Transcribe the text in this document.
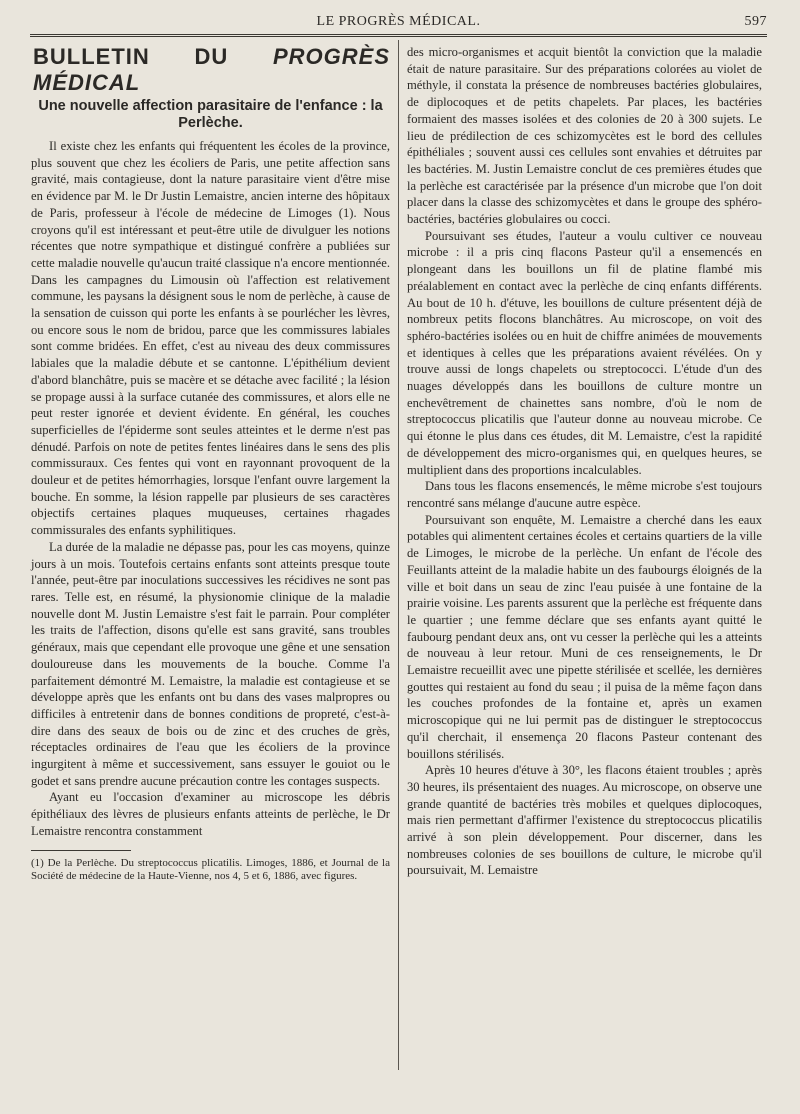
LE PROGRÈS MÉDICAL.	597
BULLETIN DU PROGRÈS MÉDICAL
Une nouvelle affection parasitaire de l'enfance : la Perlèche.

Il existe chez les enfants qui fréquentent les écoles de la province, plus souvent que chez les écoliers de Paris, une petite affection sans gravité, mais contagieuse, dont la nature parasitaire vient d'être mise en évidence par M. le Dr Justin Lemaistre, ancien interne des hôpitaux de Paris, professeur à l'école de médecine de Limoges (1). Nous croyons qu'il est intéressant et peut-être utile de divulguer les notions récentes que notre sympathique et distingué confrère a publiées sur cette maladie nouvelle qu'aucun traité classique n'a encore mentionnée. Dans les campagnes du Limousin où l'affection est relativement commune, les paysans la désignent sous le nom de perlèche, à cause de la sensation de cuisson qui porte les enfants à se pourlécher les lèvres, ou encore sous le nom de bridou, parce que les commissures labiales sont comme bridées. En effet, c'est au niveau des deux commissures labiales que la maladie débute et se cantonne. L'épithélium devient d'abord blanchâtre, puis se macère et se détache avec facilité ; la lésion se propage aussi à la surface cutanée des commissures, et alors elle ne peut rester ignorée et devient évidente. En général, les couches superficielles de l'épiderme sont seules atteintes et le derme n'est pas dénudé. Parfois on note de petites fentes linéaires dans le sens des plis commissuraux. Ces fentes qui vont en rayonnant provoquent de la douleur et de petites hémorrhagies, lorsque l'enfant ouvre largement la bouche. En somme, la lésion rappelle par plusieurs de ses caractères objectifs certaines plaques muqueuses, certaines rhagades commissurales des enfants syphilitiques.

La durée de la maladie ne dépasse pas, pour les cas moyens, quinze jours à un mois. Toutefois certains enfants sont atteints presque toute l'année, peut-être par inoculations successives les récidives ne sont pas rares. Telle est, en résumé, la physionomie clinique de la maladie nouvelle dont M. Justin Lemaistre s'est fait le parrain. Pour compléter les traits de l'affection, disons qu'elle est sans gravité, sans troubles généraux, mais que cependant elle provoque une gêne et une sensation douloureuse dans les mouvements de la bouche. Comme l'a parfaitement démontré M. Lemaistre, la maladie est contagieuse et se développe après que les enfants ont bu dans des vases malpropres ou difficiles à entretenir dans de bonnes conditions de propreté, c'est-à-dire dans des seaux de bois ou de zinc et des cruches de grès, réceptacles ordinaires de l'eau que les écoliers de la province ingurgitent à même et successivement, sans essuyer le gouiot ou le godet et sans prendre aucune précaution contre les contages suspects.

Ayant eu l'occasion d'examiner au microscope les débris épithéliaux des lèvres de plusieurs enfants atteints de perlèche, le Dr Lemaistre rencontra constamment

(1) De la Perlèche. Du streptococcus plicatilis. Limoges, 1886, et Journal de la Société de médecine de la Haute-Vienne, nos 4, 5 et 6, 1886, avec figures.

des micro-organismes et acquit bientôt la conviction que la maladie était de nature parasitaire. Sur des préparations colorées au violet de méthyle, il constata la présence de nombreuses bactéries globulaires, de diplocoques et de petits chapelets. Par places, les bactéries formaient des masses isolées et des colonies de 20 à 300 sujets. Le lieu de prédilection de ces schizomycètes est le bord des cellules épithéliales ; souvent aussi ces cellules sont envahies et détruites par les bactéries. M. Justin Lemaistre conclut de ces premières études que la perlèche est caractérisée par la présence d'un microbe que l'on doit placer dans la classe des schizomycètes et dans le groupe des sphéro-bactéries, bactéries globulaires ou cocci.

Poursuivant ses études, l'auteur a voulu cultiver ce nouveau microbe : il a pris cinq flacons Pasteur qu'il a ensemencés en plongeant dans les bouillons un fil de platine flambé mis préalablement en contact avec la perlèche de cinq enfants différents. Au bout de 10 h. d'étuve, les bouillons de culture présentent déjà de nombreux petits flocons blanchâtres. Au microscope, on voit des sphéro-bactéries isolées ou en huit de chiffre animées de mouvements et identiques à celles que les préparations avaient révélées. On y trouve aussi de longs chapelets ou streptococci. L'étude d'un des nuages développés dans les bouillons de culture montre un enchevêtrement de chainettes sans nombre, d'où le nom de streptococcus plicatilis que l'auteur donne au nouveau microbe. Ce qui étonne le plus dans ces études, dit M. Lemaistre, c'est la rapidité de développement des micro-organismes qui, en quelques heures, se multiplient dans des proportions incalculables.

Dans tous les flacons ensemencés, le même microbe s'est toujours rencontré sans mélange d'aucune autre espèce.

Poursuivant son enquête, M. Lemaistre a cherché dans les eaux potables qui alimentent certaines écoles et certains quartiers de la ville de Limoges, le microbe de la perlèche. Un enfant de l'école des Feuillants atteint de la maladie habite un des faubourgs éloignés de la ville et boit dans un seau de zinc l'eau puisée à une fontaine de la prairie voisine. Les parents assurent que la perlèche est fréquente dans le quartier ; une femme déclare que ses enfants ayant quitté le faubourg pendant deux ans, ont vu cesser la perlèche qui les a atteints de nouveau à leur retour. Muni de ces renseignements, le Dr Lemaistre recueillit avec une pipette stérilisée et scellée, les dernières gouttes qui restaient au fond du seau ; il puisa de la même façon dans les couches profondes de la fontaine et, après un examen microscopique qui ne lui permit pas de distinguer le streptococcus qu'il cherchait, il ensemença 20 flacons Pasteur contenant des bouillons stérilisés.

Après 10 heures d'étuve à 30°, les flacons étaient troubles ; après 30 heures, ils présentaient des nuages. Au microscope, on observe une grande quantité de bactéries très mobiles et quelques diplocoques, mais rien permettant d'affirmer l'existence du streptococcus plicatilis arrivé à son plein développement. Pour discerner, dans les nombreuses colonies de ses bouillons de culture, le microbe qu'il poursuivait, M. Lemaistre
